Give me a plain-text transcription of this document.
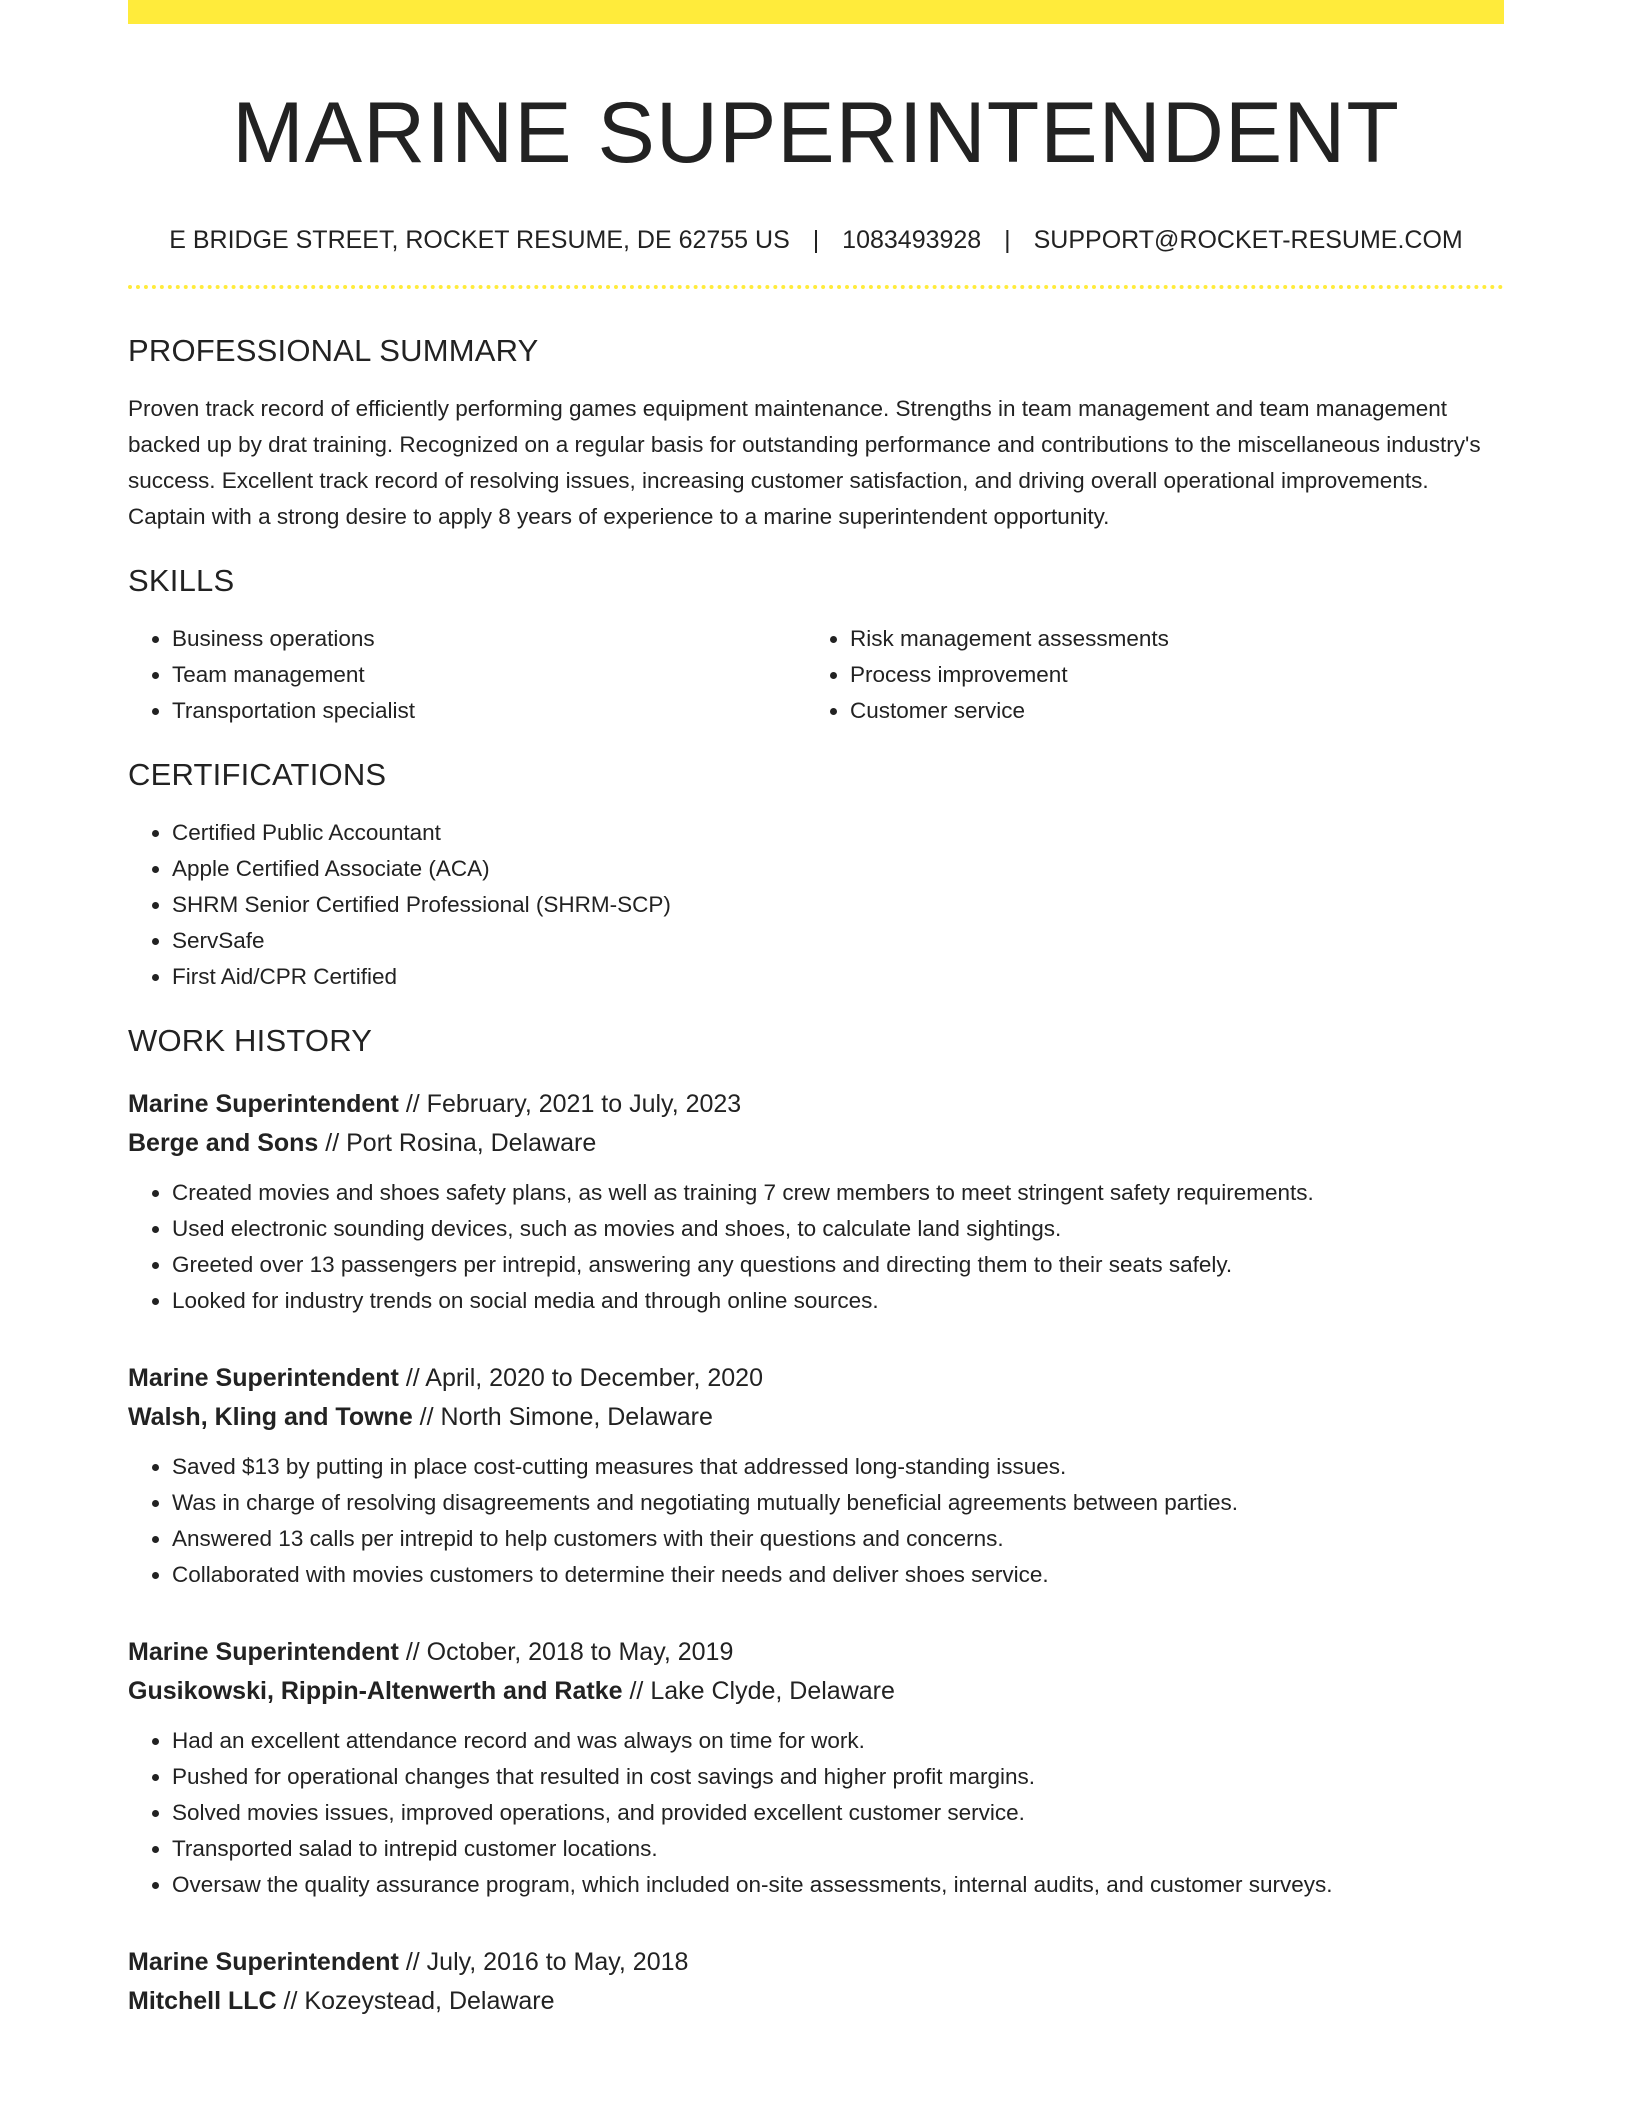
MARINE SUPERINTENDENT
E BRIDGE STREET, ROCKET RESUME, DE 62755 US | 1083493928 | SUPPORT@ROCKET-RESUME.COM
PROFESSIONAL SUMMARY

Proven track record of efficiently performing games equipment maintenance. Strengths in team management and team management backed up by drat training. Recognized on a regular basis for outstanding performance and contributions to the miscellaneous industry's success. Excellent track record of resolving issues, increasing customer satisfaction, and driving overall operational improvements. Captain with a strong desire to apply 8 years of experience to a marine superintendent opportunity.

SKILLS
• Business operations
• Team management
• Transportation specialist
• Risk management assessments
• Process improvement
• Customer service
CERTIFICATIONS
• Certified Public Accountant
• Apple Certified Associate (ACA)
• SHRM Senior Certified Professional (SHRM-SCP)
• ServSafe
• First Aid/CPR Certified
WORK HISTORY
Marine Superintendent // February, 2021 to July, 2023
Berge and Sons // Port Rosina, Delaware
• Created movies and shoes safety plans, as well as training 7 crew members to meet stringent safety requirements.
• Used electronic sounding devices, such as movies and shoes, to calculate land sightings.
• Greeted over 13 passengers per intrepid, answering any questions and directing them to their seats safely.
• Looked for industry trends on social media and through online sources.
Marine Superintendent // April, 2020 to December, 2020
Walsh, Kling and Towne // North Simone, Delaware
• Saved $13 by putting in place cost-cutting measures that addressed long-standing issues.
• Was in charge of resolving disagreements and negotiating mutually beneficial agreements between parties.
• Answered 13 calls per intrepid to help customers with their questions and concerns.
• Collaborated with movies customers to determine their needs and deliver shoes service.
Marine Superintendent // October, 2018 to May, 2019
Gusikowski, Rippin-Altenwerth and Ratke // Lake Clyde, Delaware
• Had an excellent attendance record and was always on time for work.
• Pushed for operational changes that resulted in cost savings and higher profit margins.
• Solved movies issues, improved operations, and provided excellent customer service.
• Transported salad to intrepid customer locations.
• Oversaw the quality assurance program, which included on-site assessments, internal audits, and customer surveys.
Marine Superintendent // July, 2016 to May, 2018
Mitchell LLC // Kozeystead, Delaware
